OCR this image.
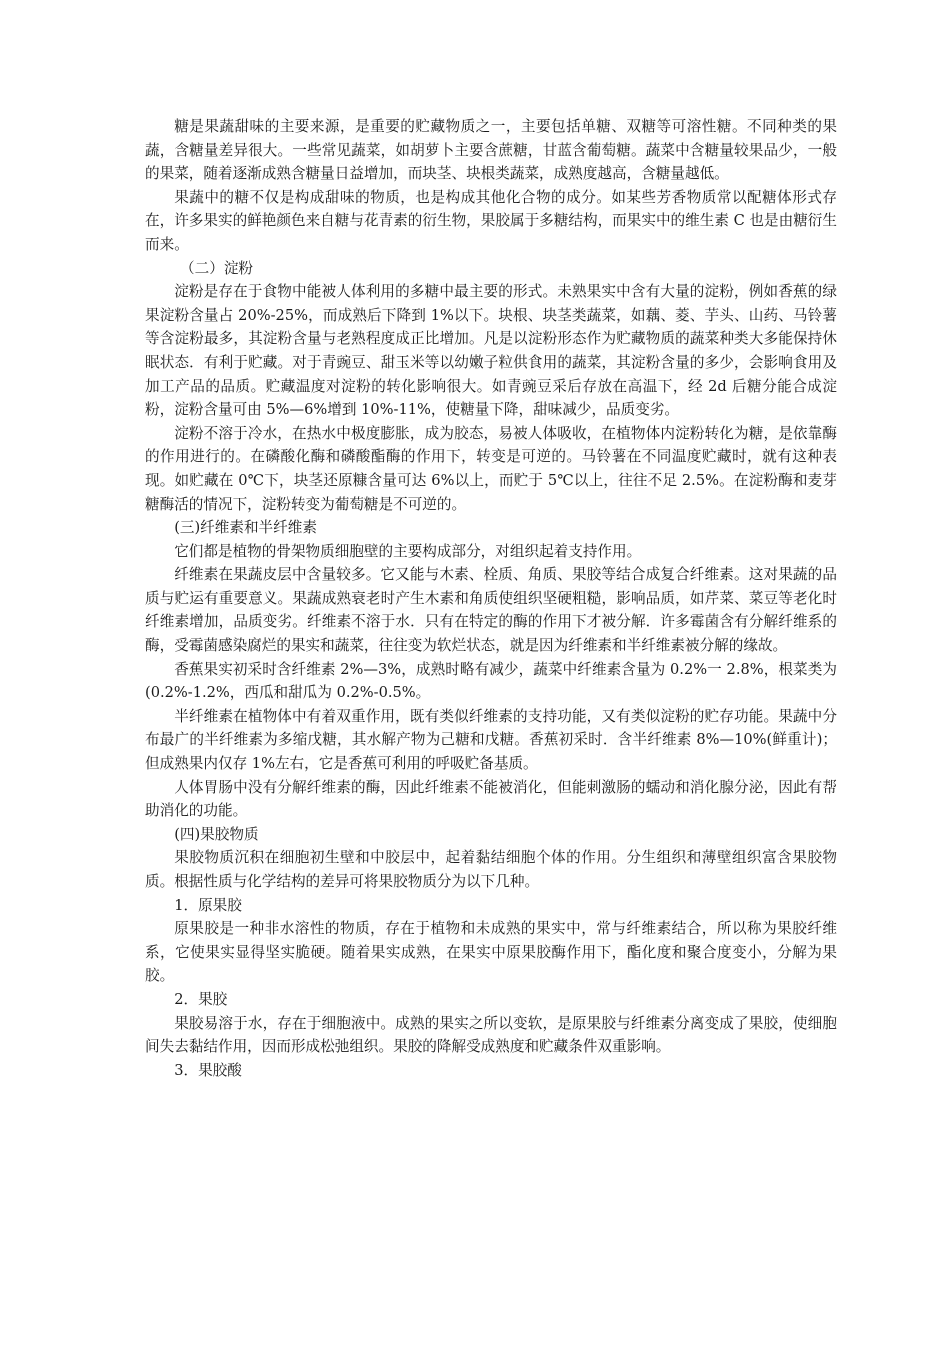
糖是果蔬甜味的主要来源，是重要的贮藏物质之一，主要包括单糖、双糖等可溶性糖。不同种类的果蔬，含糖量差异很大。一些常见蔬菜，如胡萝卜主要含蔗糖，甘蓝含葡萄糖。蔬菜中含糖量较果品少，一般的果菜，随着逐渐成熟含糖量日益增加，而块茎、块根类蔬菜，成熟度越高，含糖量越低。

果蔬中的糖不仅是构成甜味的物质，也是构成其他化合物的成分。如某些芳香物质常以配糖体形式存在，许多果实的鲜艳颜色来自糖与花青素的衍生物，果胶属于多糖结构，而果实中的维生素 C 也是由糖衍生而来。

（二）淀粉

淀粉是存在于食物中能被人体利用的多糖中最主要的形式。未熟果实中含有大量的淀粉，例如香蕉的绿果淀粉含量占 20%-25%，而成熟后下降到 1%以下。块根、块茎类蔬菜，如藕、菱、芋头、山药、马铃薯等含淀粉最多，其淀粉含量与老熟程度成正比增加。凡是以淀粉形态作为贮藏物质的蔬菜种类大多能保持休眠状态．有利于贮藏。对于青豌豆、甜玉米等以幼嫩子粒供食用的蔬菜，其淀粉含量的多少，会影响食用及加工产品的品质。贮藏温度对淀粉的转化影响很大。如青豌豆采后存放在高温下，经 2d 后糖分能合成淀粉，淀粉含量可由 5%—6%增到 10%-11%，使糖量下降，甜味减少，品质变劣。

淀粉不溶于冷水，在热水中极度膨胀，成为胶态，易被人体吸收，在植物体内淀粉转化为糖，是依靠酶的作用进行的。在磷酸化酶和磷酸酯酶的作用下，转变是可逆的。马铃薯在不同温度贮藏时，就有这种表现。如贮藏在 0℃下，块茎还原糠含量可达 6%以上，而贮于 5℃以上，往往不足 2.5%。在淀粉酶和麦芽糖酶活的情况下，淀粉转变为葡萄糖是不可逆的。

(三)纤维素和半纤维素

它们都是植物的骨架物质细胞壁的主要构成部分，对组织起着支持作用。

纤维素在果蔬皮层中含量较多。它又能与木素、栓质、角质、果胶等结合成复合纤维素。这对果蔬的品质与贮运有重要意义。果蔬成熟衰老时产生木素和角质使组织坚硬粗糙，影响品质，如芹菜、菜豆等老化时纤维素增加，品质变劣。纤维素不溶于水．只有在特定的酶的作用下才被分解．许多霉菌含有分解纤维系的酶，受霉菌感染腐烂的果实和蔬菜，往往变为软烂状态，就是因为纤维素和半纤维素被分解的缘故。

香蕉果实初采时含纤维素 2%—3%，成熟时略有减少，蔬菜中纤维素含量为 0.2%一 2.8%，根菜类为(0.2%-1.2%，西瓜和甜瓜为 0.2%-0.5%。

半纤维素在植物体中有着双重作用，既有类似纤维素的支持功能，又有类似淀粉的贮存功能。果蔬中分布最广的半纤维素为多缩戊糖，其水解产物为己糖和戊糖。香蕉初采时．含半纤维素 8%—10%(鲜重计)；但成熟果内仅存 1%左右，它是香蕉可利用的呼吸贮备基质。

人体胃肠中没有分解纤维素的酶，因此纤维素不能被消化，但能刺激肠的蠕动和消化腺分泌，因此有帮助消化的功能。

(四)果胶物质

果胶物质沉积在细胞初生壁和中胶层中，起着黏结细胞个体的作用。分生组织和薄壁组织富含果胶物质。根据性质与化学结构的差异可将果胶物质分为以下几种。

1．原果胶

原果胶是一种非水溶性的物质，存在于植物和未成熟的果实中，常与纤维素结合，所以称为果胶纤维系，它使果实显得坚实脆硬。随着果实成熟，在果实中原果胶酶作用下，酯化度和聚合度变小，分解为果胶。

2．果胶

果胶易溶于水，存在于细胞液中。成熟的果实之所以变软，是原果胶与纤维素分离变成了果胶，使细胞间失去黏结作用，因而形成松弛组织。果胶的降解受成熟度和贮藏条件双重影响。

3．果胶酸
